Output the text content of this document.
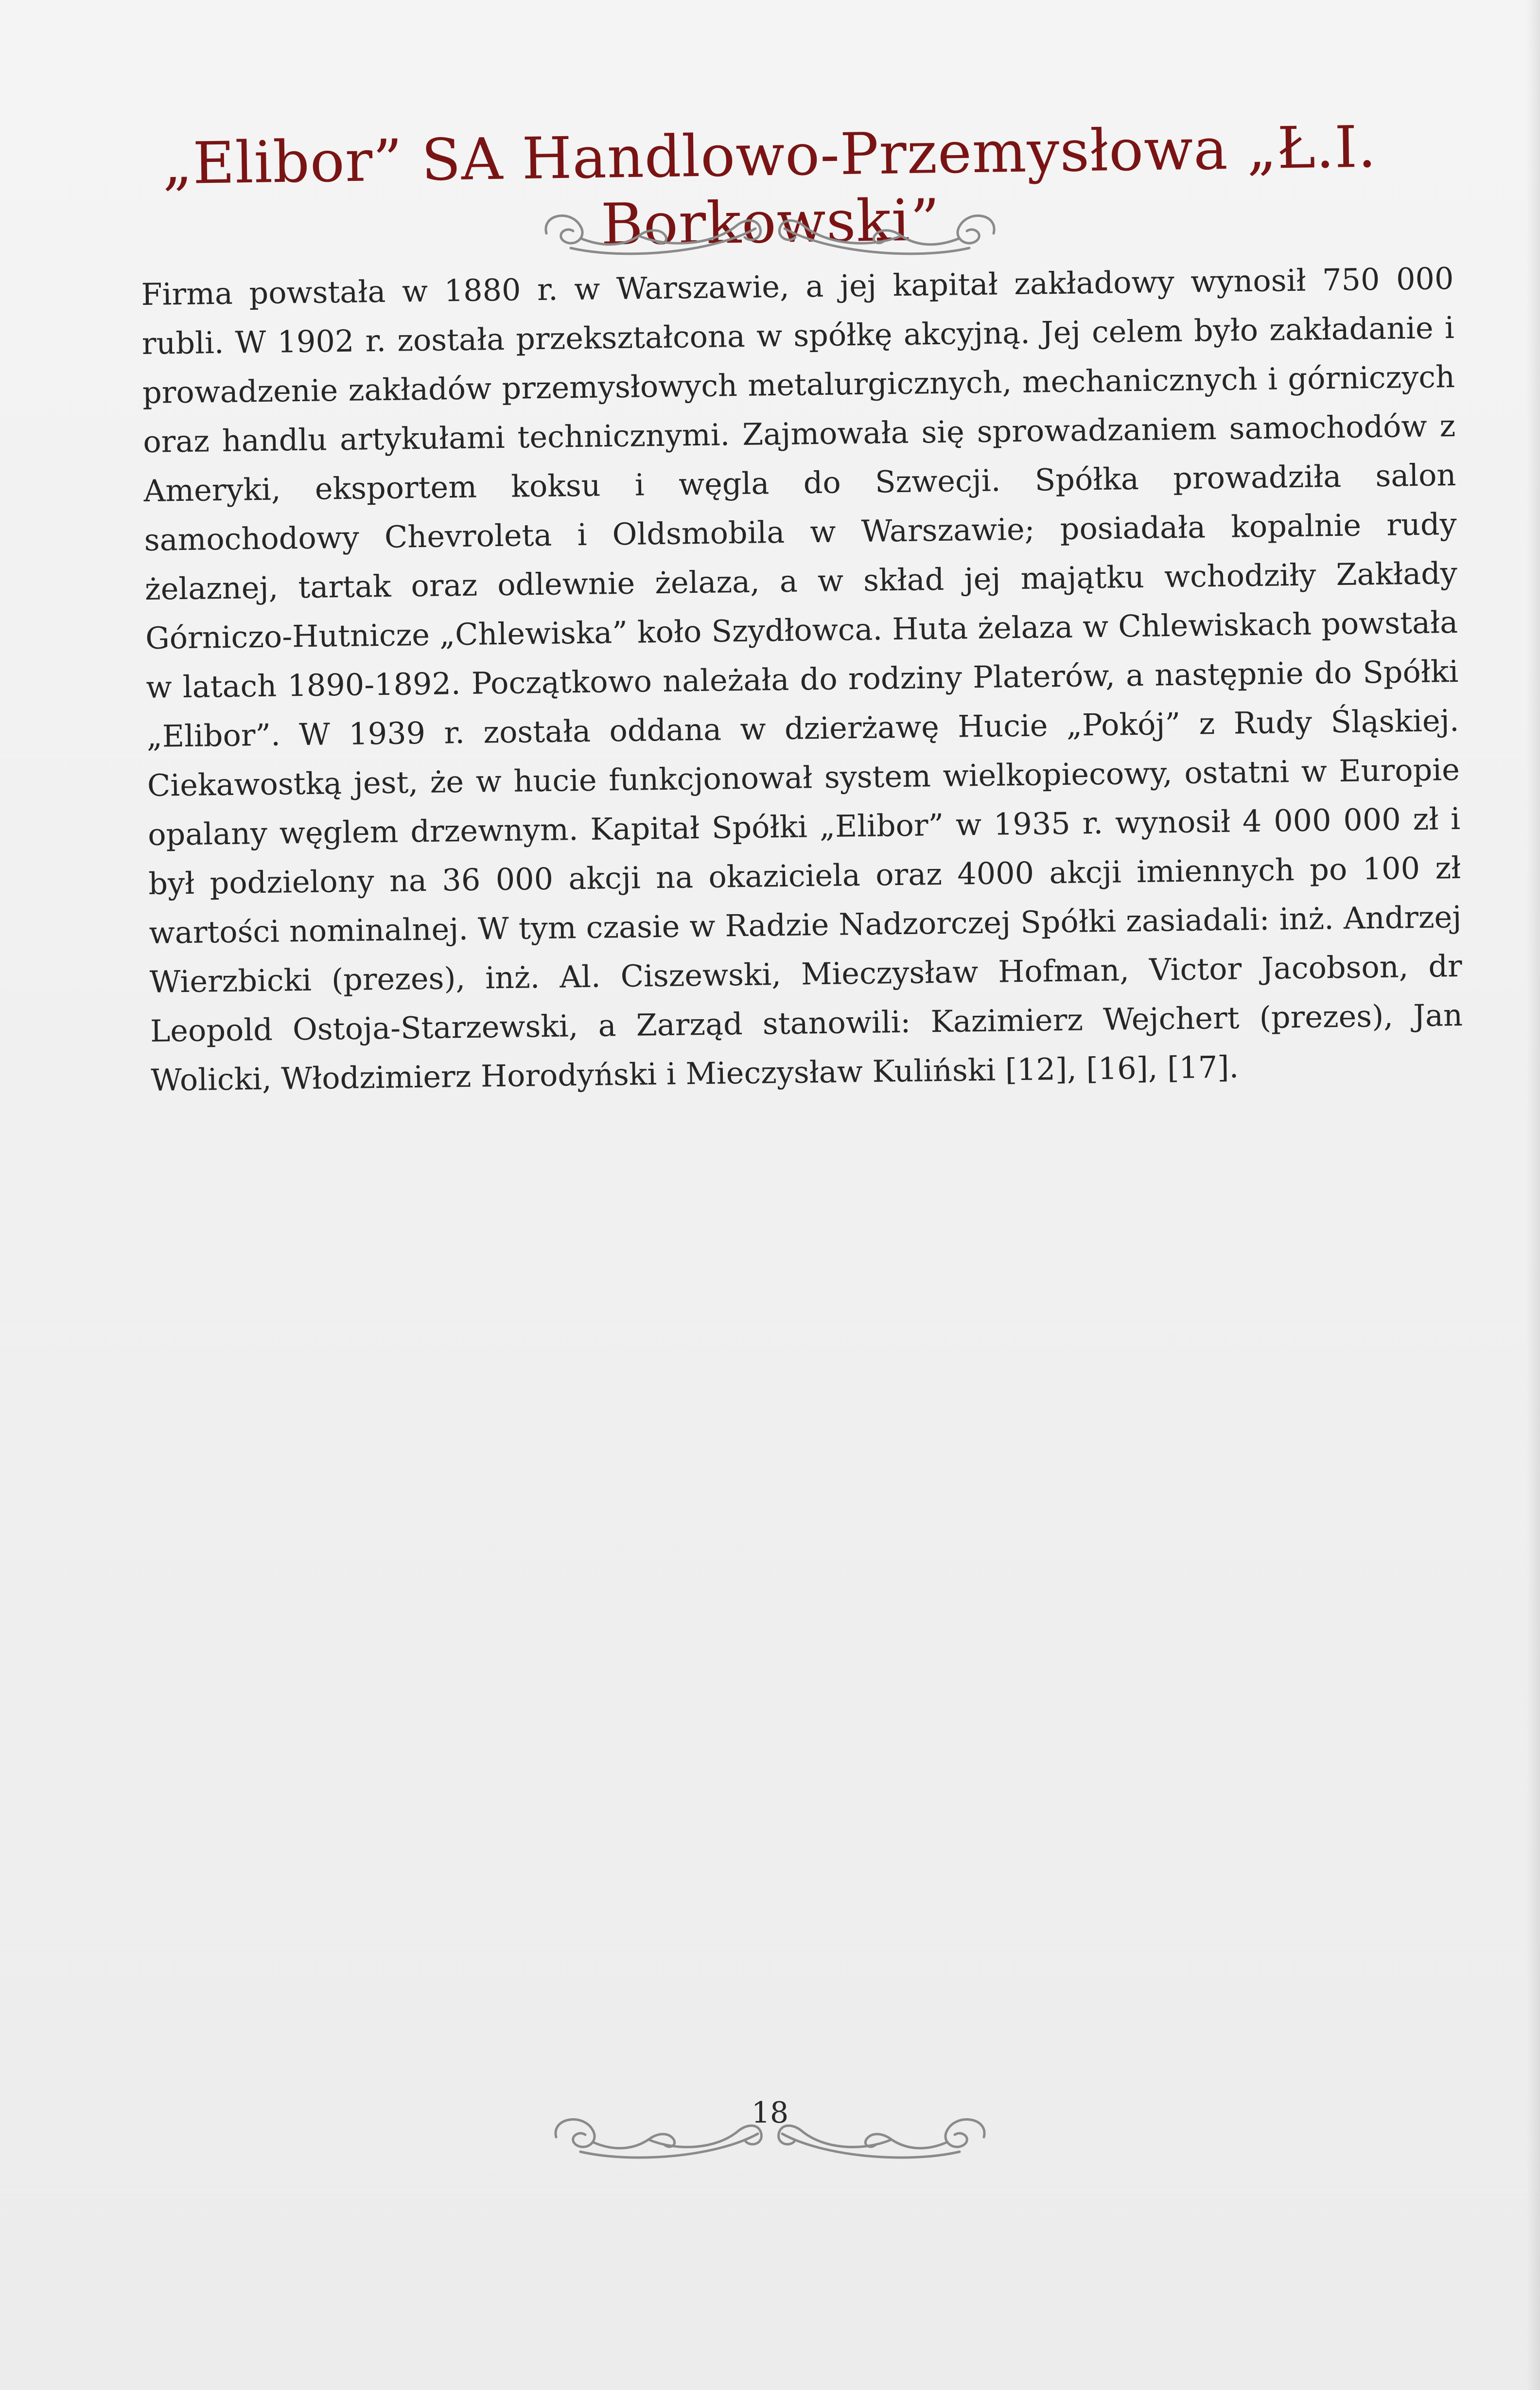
„Elibor” SA Handlowo-Przemysłowa „Ł.I. Borkowski”

Firma powstała w 1880 r. w Warszawie, a jej kapitał zakładowy wynosił 750 000 rubli. W 1902 r. została przekształcona w spółkę akcyjną. Jej celem było zakładanie i prowadzenie zakładów przemysłowych metalurgicznych, mechanicznych i górniczych oraz handlu artykułami technicznymi. Zajmowała się sprowadzaniem samochodów z Ameryki, eksportem koksu i węgla do Szwecji. Spółka prowadziła salon samochodowy Chevroleta i Oldsmobila w Warszawie; posiadała kopalnie rudy żelaznej, tartak oraz odlewnie żelaza, a w skład jej majątku wchodziły Zakłady Górniczo-Hutnicze „Chlewiska” koło Szydłowca. Huta żelaza w Chlewiskach powstała w latach 1890-1892. Początkowo należała do rodziny Platerów, a następnie do Spółki „Elibor”. W 1939 r. została oddana w dzierżawę Hucie „Pokój” z Rudy Śląskiej. Ciekawostką jest, że w hucie funkcjonował system wielkopiecowy, ostatni w Europie opalany węglem drzewnym. Kapitał Spółki „Elibor” w 1935 r. wynosił 4 000 000 zł i był podzielony na 36 000 akcji na okaziciela oraz 4000 akcji imiennych po 100 zł wartości nominalnej. W tym czasie w Radzie Nadzorczej Spółki zasiadali: inż. Andrzej Wierzbicki (prezes), inż. Al. Ciszewski, Mieczysław Hofman, Victor Jacobson, dr Leopold Ostoja-Starzewski, a Zarząd stanowili: Kazimierz Wejchert (prezes), Jan Wolicki, Włodzimierz Horodyński i Mieczysław Kuliński [12], [16], [17].

18
